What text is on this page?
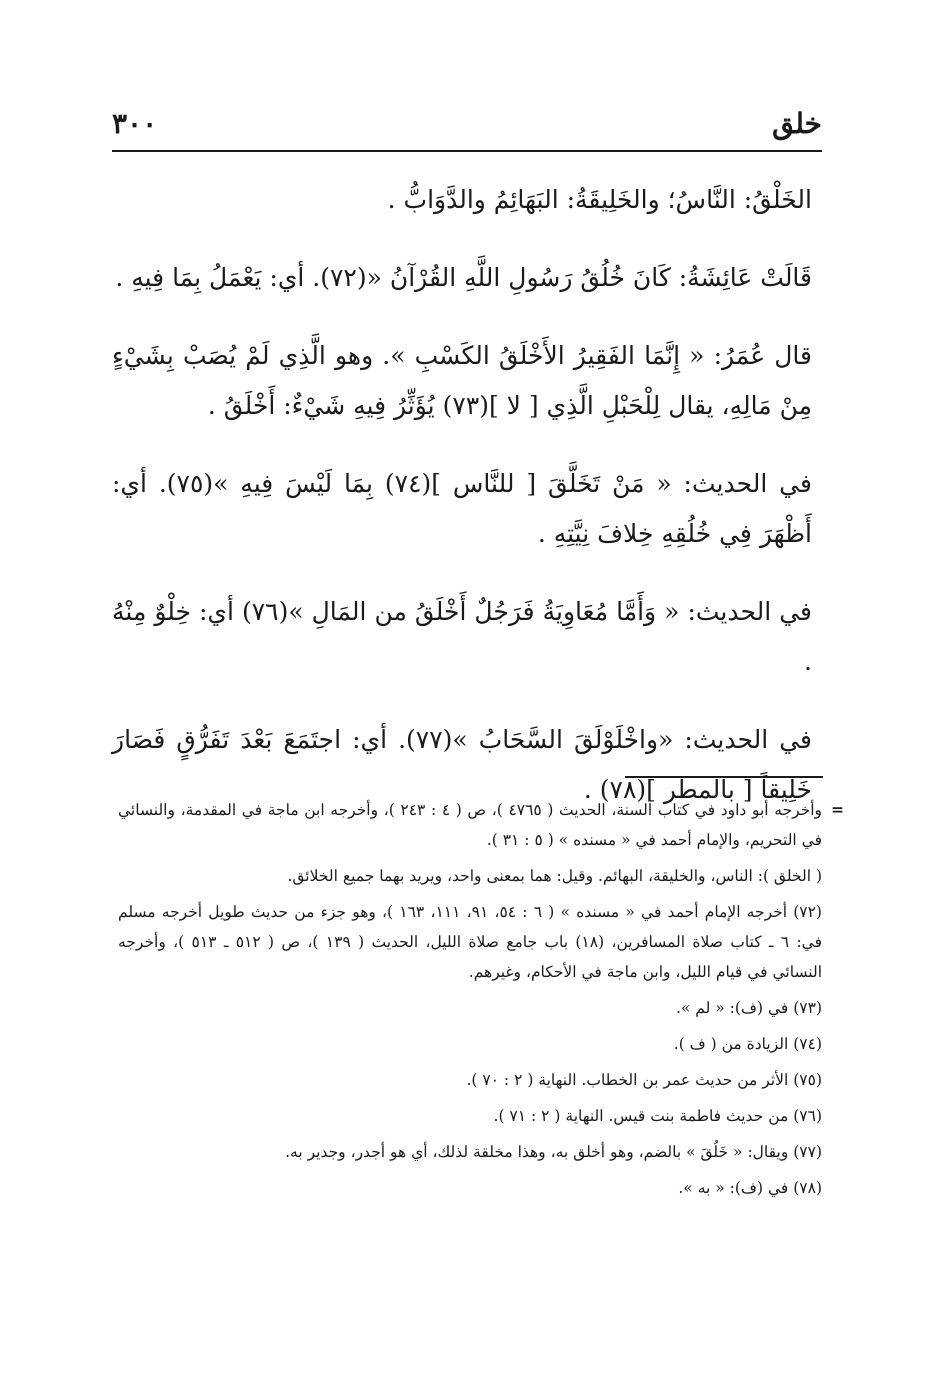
٣٠٠	خلق

الخَلْقُ: النَّاسُ؛ والخَلِيقَةُ: البَهَائِمُ والدَّوَابُّ .

قَالَتْ عَائِشَةُ: كَانَ خُلُقُ رَسُولِ اللَّهِ القُرْآنُ «(٧٢). أي: يَعْمَلُ بِمَا فِيهِ .

قال عُمَرُ: « إِنَّمَا الفَقِيرُ الأَخْلَقُ الكَسْبِ ». وهو الَّذِي لَمْ يُصَبْ بِشَيْءٍ مِنْ مَالِهِ، يقال لِلْحَبْلِ الَّذِي [ لا ](٧٣) يُؤَثِّرُ فِيهِ شَيْءٌ: أَخْلَقُ .

في الحديث: « مَنْ تَخَلَّقَ [ للنَّاس ](٧٤) بِمَا لَيْسَ فِيهِ »(٧٥). أي: أَظْهَرَ فِي خُلُقِهِ خِلافَ نِيَّتِهِ .

في الحديث: « وَأَمَّا مُعَاوِيَةُ فَرَجُلٌ أَخْلَقُ من المَالِ »(٧٦) أي: خِلْوٌ مِنْهُ .

في الحديث: «واخْلَوْلَقَ السَّحَابُ »(٧٧). أي: اجتَمَعَ بَعْدَ تَفَرُّقٍ فَصَارَ خَلِيقاً [ بالمطر ](٧٨) .

=
وأخرجه أبو داود في كتاب السنة، الحديث ( ٤٧٦٥ )، ص ( ٤ : ٢٤٣ )، وأخرجه ابن ماجة في المقدمة، والنسائي في التحريم، والإمام أحمد في « مسنده » ( ٥ : ٣١ ).

( الخلق ): الناس، والخليقة، البهائم. وقيل: هما بمعنى واحد، ويريد بهما جميع الخلائق.

(٧٢) أخرجه الإمام أحمد في « مسنده » ( ٦ : ٥٤، ٩١، ١١١، ١٦٣ )، وهو جزء من حديث طويل أخرجه مسلم في: ٦ ـ كتاب صلاة المسافرين، (١٨) باب جامع صلاة الليل، الحديث ( ١٣٩ )، ص ( ٥١٢ ـ ٥١٣ )، وأخرجه النسائي في قيام الليل، وابن ماجة في الأحكام، وغيرهم.

(٧٣) في (ف): « لم ».

(٧٤) الزيادة من ( ف ).

(٧٥) الأثر من حديث عمر بن الخطاب. النهاية ( ٢ : ٧٠ ).

(٧٦) من حديث فاطمة بنت قيس. النهاية ( ٢ : ٧١ ).

(٧٧) ويقال: « خَلُقَ » بالضم، وهو أخلق به، وهذا مخلقة لذلك، أي هو أجدر، وجدير به.

(٧٨) في (ف): « به ».
